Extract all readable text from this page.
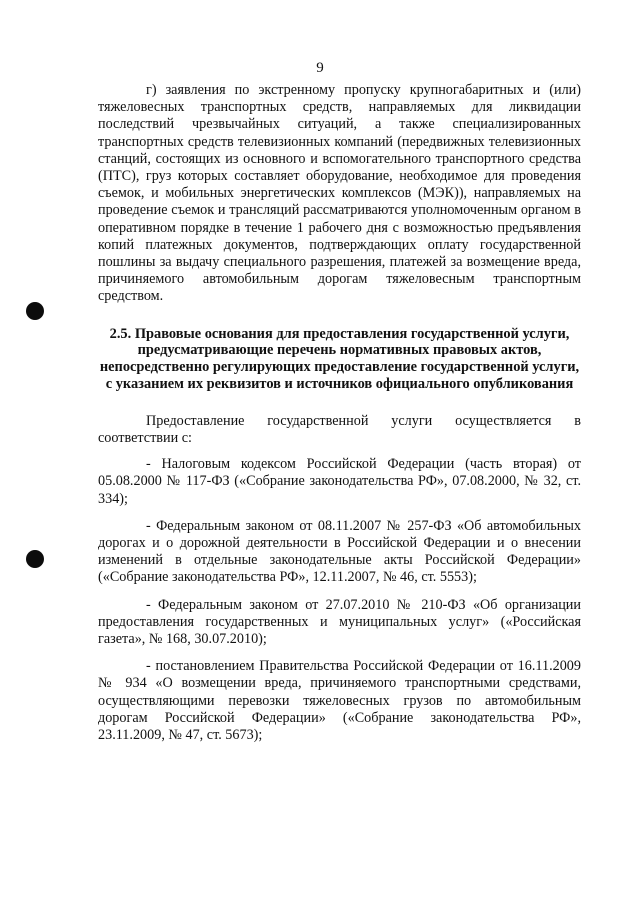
9

г) заявления по экстренному пропуску крупногабаритных и (или) тяжеловесных транспортных средств, направляемых для ликвидации последствий чрезвычайных ситуаций, а также специализированных транспортных средств телевизионных компаний (передвижных телевизионных станций, состоящих из основного и вспомогательного транспортного средства (ПТС), груз которых составляет оборудование, необходимое для проведения съемок, и мобильных энергетических комплексов (МЭК)), направляемых на проведение съемок и трансляций рассматриваются уполномоченным органом в оперативном порядке в течение 1 рабочего дня с возможностью предъявления копий платежных документов, подтверждающих оплату государственной пошлины за выдачу специального разрешения, платежей за возмещение вреда, причиняемого автомобильным дорогам тяжеловесным транспортным средством.

2.5. Правовые основания для предоставления государственной услуги, предусматривающие перечень нормативных правовых актов, непосредственно регулирующих предоставление государственной услуги, с указанием их реквизитов и источников официального опубликования

Предоставление государственной услуги осуществляется в соответствии с:

- Налоговым кодексом Российской Федерации (часть вторая) от 05.08.2000 № 117-ФЗ («Собрание законодательства РФ», 07.08.2000, № 32, ст. 334);

- Федеральным законом от 08.11.2007 № 257-ФЗ «Об автомобильных дорогах и о дорожной деятельности в Российской Федерации и о внесении изменений в отдельные законодательные акты Российской Федерации» («Собрание законодательства РФ», 12.11.2007, № 46, ст. 5553);

- Федеральным законом от 27.07.2010 № 210-ФЗ «Об организации предоставления государственных и муниципальных услуг» («Российская газета», № 168, 30.07.2010);

- постановлением Правительства Российской Федерации от 16.11.2009 № 934 «О возмещении вреда, причиняемого транспортными средствами, осуществляющими перевозки тяжеловесных грузов по автомобильным дорогам Российской Федерации» («Собрание законодательства РФ», 23.11.2009, № 47, ст. 5673);
